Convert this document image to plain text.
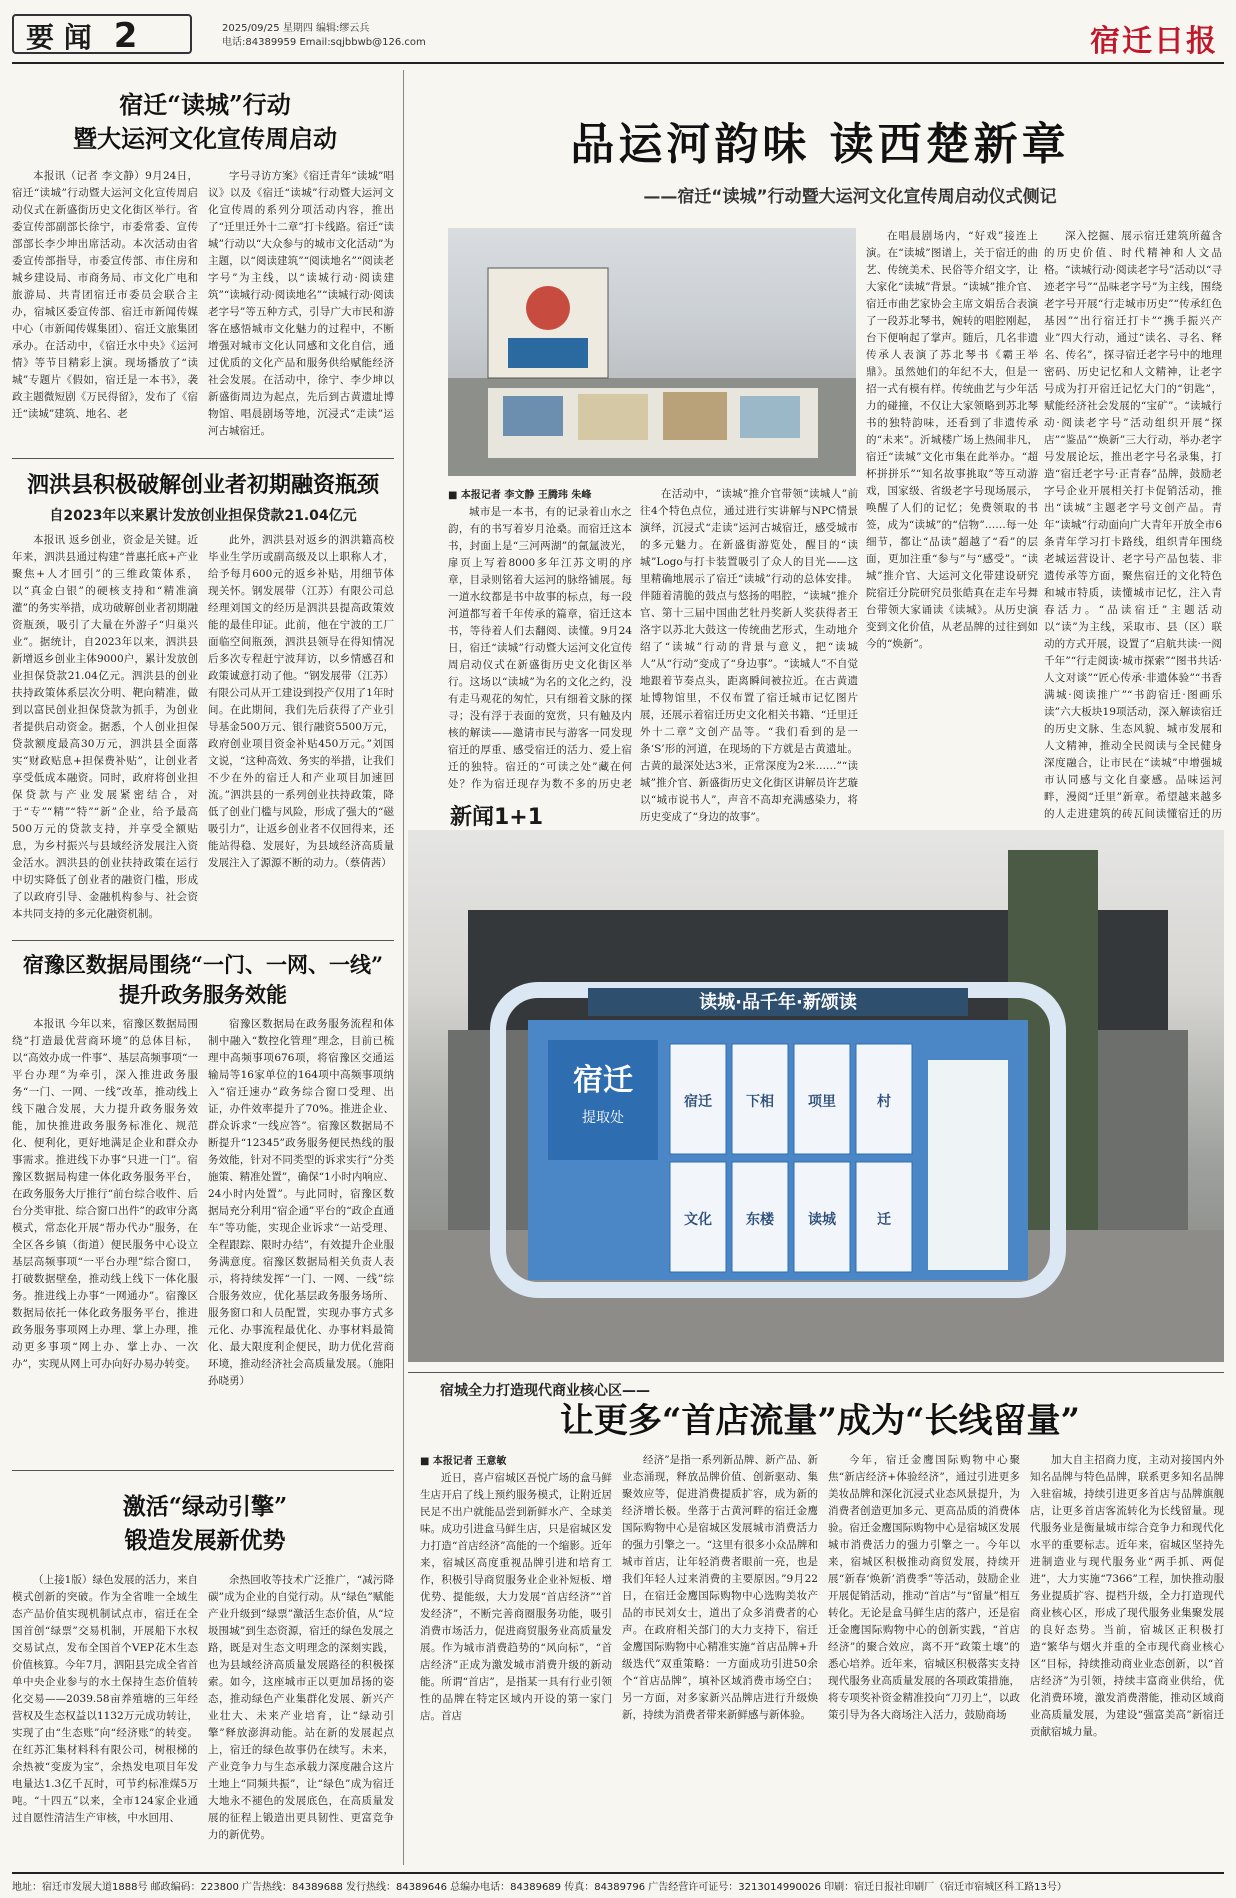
要 闻 2	2025/09/25 星期四 编辑:缪云兵
电话:84389959 Email:sqjbbwb@126.com	宿迁日报
宿迁“读城”行动
暨大运河文化宣传周启动

本报讯（记者 李文静）9月24日，宿迁“读城”行动暨大运河文化宣传周启动仪式在新盛街历史文化街区举行。省委宣传部副部长徐宁，市委常委、宣传部部长李少坤出席活动。本次活动由省委宣传部指导，市委宣传部、市住房和城乡建设局、市商务局、市文化广电和旅游局、共青团宿迁市委员会联合主办，宿城区委宣传部、宿迁市新闻传媒中心（市新闻传媒集团）、宿迁文旅集团承办。在活动中，《宿迁水中央》《运河情》等节目精彩上演。现场播放了“读城”专题片《假如，宿迁是一本书》，袭政主题微短剧《万民得留》，发布了《宿迁“读城”建筑、地名、老

字号寻访方案》《宿迁青年“读城”唱议》以及《宿迁“读城”行动暨大运河文化宣传周的系列分项活动内容，推出了“迁里迁外十二章”打卡线路。宿迁“读城”行动以“大众参与的城市文化活动”为主题，以“阅读建筑”“阅读地名”“阅读老字号”为主线，以“读城行动·阅读建筑”“读城行动·阅读地名”“读城行动·阅读老字号”等五种方式，引导广大市民和游客在感悟城市文化魅力的过程中，不断增强对城市文化认同感和文化自信，通过优质的文化产品和服务供给赋能经济社会发展。在活动中，徐宁、李少坤以新盛街周边为起点，先后到古黄遗址博物馆、唱晨剧场等地，沉浸式“走读”运河古城宿迁。

泗洪县积极破解创业者初期融资瓶颈
自2023年以来累计发放创业担保贷款21.04亿元

本报讯 返乡创业，资金是关键。近年来，泗洪县通过构建“普惠托底+产业聚焦+人才回引”的三维政策体系，以“真金白银”的硬核支持和“精准滴灌”的务实举措，成功破解创业者初期融资瓶颈，吸引了大量在外游子“归巢兴业”。据统计，自2023年以来，泗洪县新增返乡创业主体9000户，累计发放创业担保贷款21.04亿元。泗洪县的创业扶持政策体系层次分明、靶向精准，做到以富民创业担保贷款为抓手，为创业者提供启动资金。据悉，个人创业担保贷款额度最高30万元，泗洪县全面落实“财政贴息+担保费补贴”，让创业者享受低成本融资。同时，政府将创业担保贷款与产业发展紧密结合，对于“专”“精”“特”“新”企业，给予最高500万元的贷款支持，并享受全额贴息，为乡村振兴与县域经济发展注入资金活水。泗洪县的创业扶持政策在运行中切实降低了创业者的融资门槛，形成了以政府引导、金融机构参与、社会资本共同支持的多元化融资机制。

此外，泗洪县对返乡的泗洪籍高校毕业生学历或副高级及以上职称人才，给予每月600元的返乡补贴，用细节体现关怀。钢发展带（江苏）有限公司总经理刘国文的经历是泗洪县提高政策效能的最佳印证。此前，他在宁波的工厂面临空间瓶颈，泗洪县领导在得知情况后多次专程赶宁波拜访，以乡情感召和政策诚意打动了他。“钢发展带（江苏）有限公司从开工建设到投产仅用了1年时间。在此期间，我们先后获得了产业引导基金500万元、银行融资5500万元，政府创业项目资金补贴450万元。”刘国文说，“这种高效、务实的举措，让我们不少在外的宿迁人和产业项目加速回流。”泗洪县的一系列创业扶持政策，降低了创业门槛与风险，形成了强大的“磁吸引力”，让返乡创业者不仅回得来，还能站得稳、发展好，为县域经济高质量发展注入了源源不断的动力。（蔡倩茜）

宿豫区数据局围绕“一门、一网、一线”
提升政务服务效能

本报讯 今年以来，宿豫区数据局围绕“打造最优营商环境”的总体目标，以“高效办成一件事”、基层高频事项“一平台办理”为牵引，深入推进政务服务“一门、一网、一线”改革，推动线上线下融合发展，大力提升政务服务效能，加快推进政务服务标准化、规范化、便利化，更好地满足企业和群众办事需求。推进线下办事“只进一门”。宿豫区数据局构建一体化政务服务平台，在政务服务大厅推行“前台综合收件、后台分类审批、综合窗口出件”的政审分离模式，常态化开展“帮办代办”服务，在全区各乡镇（街道）便民服务中心设立基层高频事项“一平台办理”综合窗口，打破数据壁垒，推动线上线下一体化服务。推进线上办事“一网通办”。宿豫区数据局依托一体化政务服务平台，推进政务服务事项网上办理、掌上办理，推动更多事项“网上办、掌上办、一次办”，实现从网上可办向好办易办转变。

宿豫区数据局在政务服务流程和体制中融入“数控化管理”理念，目前已梳理中高频事项676项，将宿豫区交通运输局等16家单位的164项中高频事项纳入“宿迁速办”政务综合窗口受理、出证，办件效率提升了70%。推进企业、群众诉求“一线应答”。宿豫区数据局不断提升“12345”政务服务便民热线的服务效能，针对不同类型的诉求实行“分类施策、精准处置”，确保“1小时内响应、24小时内处置”。与此同时，宿豫区数据局充分利用“宿企通”平台的“政企直通车”等功能，实现企业诉求“一站受理、全程跟踪、限时办结”，有效提升企业服务满意度。宿豫区数据局相关负责人表示，将持续发挥“一门、一网、一线”综合服务效应，优化基层政务服务场所、服务窗口和人员配置，实现办事方式多元化、办事流程最优化、办事材料最简化、最大限度利企便民，助力优化营商环境，推动经济社会高质量发展。（施阳 孙晓勇）

激活“绿动引擎”
锻造发展新优势

（上接1版）绿色发展的活力，来自模式创新的突破。作为全省唯一全域生态产品价值实现机制试点市，宿迁在全国首创“绿票”交易机制，开展船下水权交易试点，发布全国首个VEP花木生态价值核算。今年7月，泗阳县完成全省首单中央企业参与的水土保持生态价值转化交易——2039.58亩养殖塘的三年经营权及生态权益以1132万元成功转让，实现了由“生态账”向“经济账”的转变。在红苏汇集材料科有限公司，树根梯的余热被“变废为宝”，余热发电项目年发电量达1.3亿千瓦时，可节约标准煤5万吨。“十四五”以来，全市124家企业通过自愿性清洁生产审核，中水回用、

余热回收等技术广泛推广，“减污降碳”成为企业的自觉行动。从“绿色”赋能产业升级到“绿票”激活生态价值，从“垃圾围城”到生态资源，宿迁的绿色发展之路，既是对生态文明理念的深刻实践，也为县域经济高质量发展路径的积极探索。如今，这座城市正以更加昂扬的姿态，推动绿色产业集群化发展、新兴产业壮大、未来产业培育，让“绿动引擎”释放澎湃动能。站在新的发展起点上，宿迁的绿色故事仍在续写。未来，产业竞争力与生态承载力深度融合这片土地上“同频共振”，让“绿色”成为宿迁大地永不褪色的发展底色，在高质量发展的征程上锻造出更具韧性、更富竞争力的新优势。

品运河韵味 读西楚新章
——宿迁“读城”行动暨大运河文化宣传周启动仪式侧记

在唱晨剧场内，“好戏”接连上演。在“读城”图谱上，关于宿迁的曲艺、传统美术、民俗等介绍文字，让大家化“读城”背景。“读城”推介官、宿迁市曲艺家协会主席文娟岳合表演了一段苏北琴书，婉转的唱腔刚起，台下便响起了掌声。随后，几名非遗传承人表演了苏北琴书《霸王举鼎》。虽然她们的年纪不大，但是一招一式有模有样。传统曲艺与少年活力的碰撞，不仅让大家领略到苏北琴书的独特韵味，还看到了非遗传承的“未来”。沂城楼广场上热闹非凡，宿迁“读城”文化市集在此举办。“超杯拼拼乐”“知名故事挑取”等互动游戏，国家级、省级老字号现场展示，唤醒了人们的记忆；免费领取的书签，成为“读城”的“信物”……每一处细节，都让“品读”超越了“看”的层面，更加注重“参与”与“感受”。“读城”推介官、大运河文化带建设研究院宿迁分院研究员张皓真在走车号舞台带领大家诵读《读城》。从历史演变到文化价值，从老品牌的过往到如今的“焕新”。

深入挖掘、展示宿迁建筑所蕴含的历史价值、时代精神和人文品格。“读城行动·阅读老字号”活动以“寻迹老字号”“品味老字号”为主线，围绕老字号开展“行走城市历史”“传承红色基因”“出行宿迁打卡”“携手振兴产业”四大行动，通过“读名、寻名、释名、传名”，探寻宿迁老字号中的地理密码、历史记忆和人文精神，让老字号成为打开宿迁记忆大门的“钥匙”，赋能经济社会发展的“宝矿”。“读城行动·阅读老字号”活动组织开展“探店”“鉴品”“焕新”三大行动，举办老字号发展论坛，推出老字号名录集，打造“宿迁老字号·正青春”品牌，鼓励老字号企业开展相关打卡促销活动，推出“读城”主题老字号文创产品。青年“读城”行动面向广大青年开放全市6条青年学习打卡路线，组织青年围绕老城运营设计、老字号产品包装、非遗传承等方面，聚焦宿迁的文化特色和城市特质，读懂城市记忆，注入青春活力。“品读宿迁”主题活动以“读”为主线，采取市、县（区）联动的方式开展，设置了“启航共读·一阅千年”“行走阅读·城市探索”“图书共话·人文对谈”“匠心传承·非遗体验”“书香满城·阅读推广”“书韵宿迁·图画乐读”六大板块19项活动，深入解读宿迁的历史文脉、生态风貌、城市发展和人文精神，推动全民阅读与全民健身深度融合，让市民在“读城”中增强城市认同感与文化自豪感。品味运河畔，漫阅“迁里”新章。希望越来越多的人走进建筑的砖瓦间读懂宿迁的历

■ 本报记者 李文静 王腾玮 朱峰

城市是一本书，有的记录着山水之韵，有的书写着岁月沧桑。而宿迁这本书，封面上是“三河两湖”的氤氲波光，扉页上写着8000多年江苏文明的序章，目录则铭着大运河的脉络铺展。每一道水纹都是书中故事的标点，每一段河道都写着千年传承的篇章，宿迁这本书，等待着人们去翻阅、读懂。9月24日，宿迁“读城”行动暨大运河文化宣传周启动仪式在新盛街历史文化街区举行。这场以“读城”为名的文化之约，没有走马观花的匆忙，只有细着文脉的探寻；没有浮于表面的宽赏，只有触及内核的解读——邀请市民与游客一同发现宿迁的厚重、感受宿迁的活力、爱上宿迁的独特。宿迁的“可读之处”藏在何处？作为宿迁现存为数不多的历史老

在活动中，“读城”推介官带领“读城人”前往4个特色点位，通过进行实讲解与NPC情景演绎，沉浸式“走读”运河古城宿迁，感受城市的多元魅力。在新盛街游览处，醒目的“读城”Logo与打卡装置吸引了众人的目光——这里精确地展示了宿迁“读城”行动的总体安排。伴随着清脆的鼓点与悠扬的唱腔，“读城”推介官、第十三届中国曲艺牡丹奖新人奖获得者王洛宇以苏北大鼓这一传统曲艺形式，生动地介绍了“读城”行动的背景与意义，把“读城人”从“行动”变成了“身边事”。“读城人”不自觉地跟着节奏点头，距离瞬间被拉近。在古黄遗址博物馆里，不仅布置了宿迁城市记忆图片展，还展示着宿迁历史文化相关书籍、“迁里迁外十二章”文创产品等。“我们看到的是一条‘S’形的河道，在现场的下方就是古黄遗址。古黄的最深处达3米，正常深度为2米……”“读城”推介官、新盛街历史文化街区讲解员许艺璇以“城市说书人”，声音不高却充满感染力，将历史变成了“身边的故事”。

新闻1+1
读城·品千年·新颂读
宿迁
提取处
宿迁 下相 项里	村
文化 东楼 读城	迁
宿城全力打造现代商业核心区——
让更多“首店流量”成为“长线留量”
■ 本报记者 王意敏

近日，喜卢宿城区吾悦广场的盒马鲜生店开启了线上预约服务模式，让附近居民足不出户就能品尝到新鲜水产、全球美味。成功引进盒马鲜生店，只是宿城区发力打造“首店经济”高能的一个缩影。近年来，宿城区高度重视品牌引进和培育工作，积极引导商贸服务业企业补短板、增优势、提能级，大力发展“首店经济”“首发经济”，不断完善商圈服务功能，吸引消费市场活力，促进商贸服务业高质量发展。作为城市消费趋势的“风向标”，“首店经济”正成为激发城市消费升级的新动能。所谓“首店”，是指某一具有行业引领性的品牌在特定区域内开设的第一家门店。首店

经济”是指一系列新品牌、新产品、新业态涌现，释放品牌价值、创新驱动、集聚效应等，促进消费提质扩容，成为新的经济增长极。坐落于古黄河畔的宿迁金鹰国际购物中心是宿城区发展城市消费活力的强力引擎之一。“这里有很多小众品牌和城市首店，让年轻消费者眼前一亮，也是我们年轻人过来消费的主要原因。”9月22日，在宿迁金鹰国际购物中心选购美妆产品的市民刘女士，道出了众多消费者的心声。在政府相关部门的大力支持下，宿迁金鹰国际购物中心精准实施“首店品牌+升级迭代”双重策略：一方面成功引进50余个“首店品牌”，填补区域消费市场空白；另一方面，对多家新兴品牌店进行升级焕新，持续为消费者带来新鲜感与新体验。

今年，宿迁金鹰国际购物中心聚焦“新店经济+体验经济”，通过引进更多美妆品牌和深化沉浸式业态风景提升，为消费者创造更加多元、更高品质的消费体验。宿迁金鹰国际购物中心是宿城区发展城市消费活力的强力引擎之一。今年以来，宿城区积极推动商贸发展，持续开展“新春‘焕新’消费季”等活动，鼓励企业开展促销活动，推动“首店”与“留量”相互转化。无论是盒马鲜生店的落户，还是宿迁金鹰国际购物中心的创新实践，“首店经济”的聚合效应，离不开“政策土壤”的悉心培养。近年来，宿城区积极落实支持现代服务业高质量发展的各项政策措施，将专项奖补资金精准投向“刀刃上”，以政策引导为各大商场注入活力，鼓励商场

加大自主招商力度，主动对接国内外知名品牌与特色品牌，联系更多知名品牌入驻宿城，持续引进更多首店与品牌旗舰店，让更多首店客流转化为长线留量。现代服务业是衡量城市综合竞争力和现代化水平的重要标志。近年来，宿城区坚持先进制造业与现代服务业“两手抓、两促进”，大力实施“7366”工程，加快推动服务业提质扩容、提档升级，全力打造现代商业核心区，形成了现代服务业集聚发展的良好态势。当前，宿城区正积极打造“繁华与烟火并重的全市现代商业核心区”目标，持续推动商业业态创新，以“首店经济”为引领，持续丰富商业供给，优化消费环境，激发消费潜能，推动区域商业高质量发展，为建设“强富美高”新宿迁贡献宿城力量。

地址：宿迁市发展大道1888号 邮政编码：223800 广告热线：84389688 发行热线：84389646 总编办电话：84389689 传真：84389796 广告经营许可证号：3213014990026 印刷：宿迁日报社印刷厂（宿迁市宿城区科工路13号）
